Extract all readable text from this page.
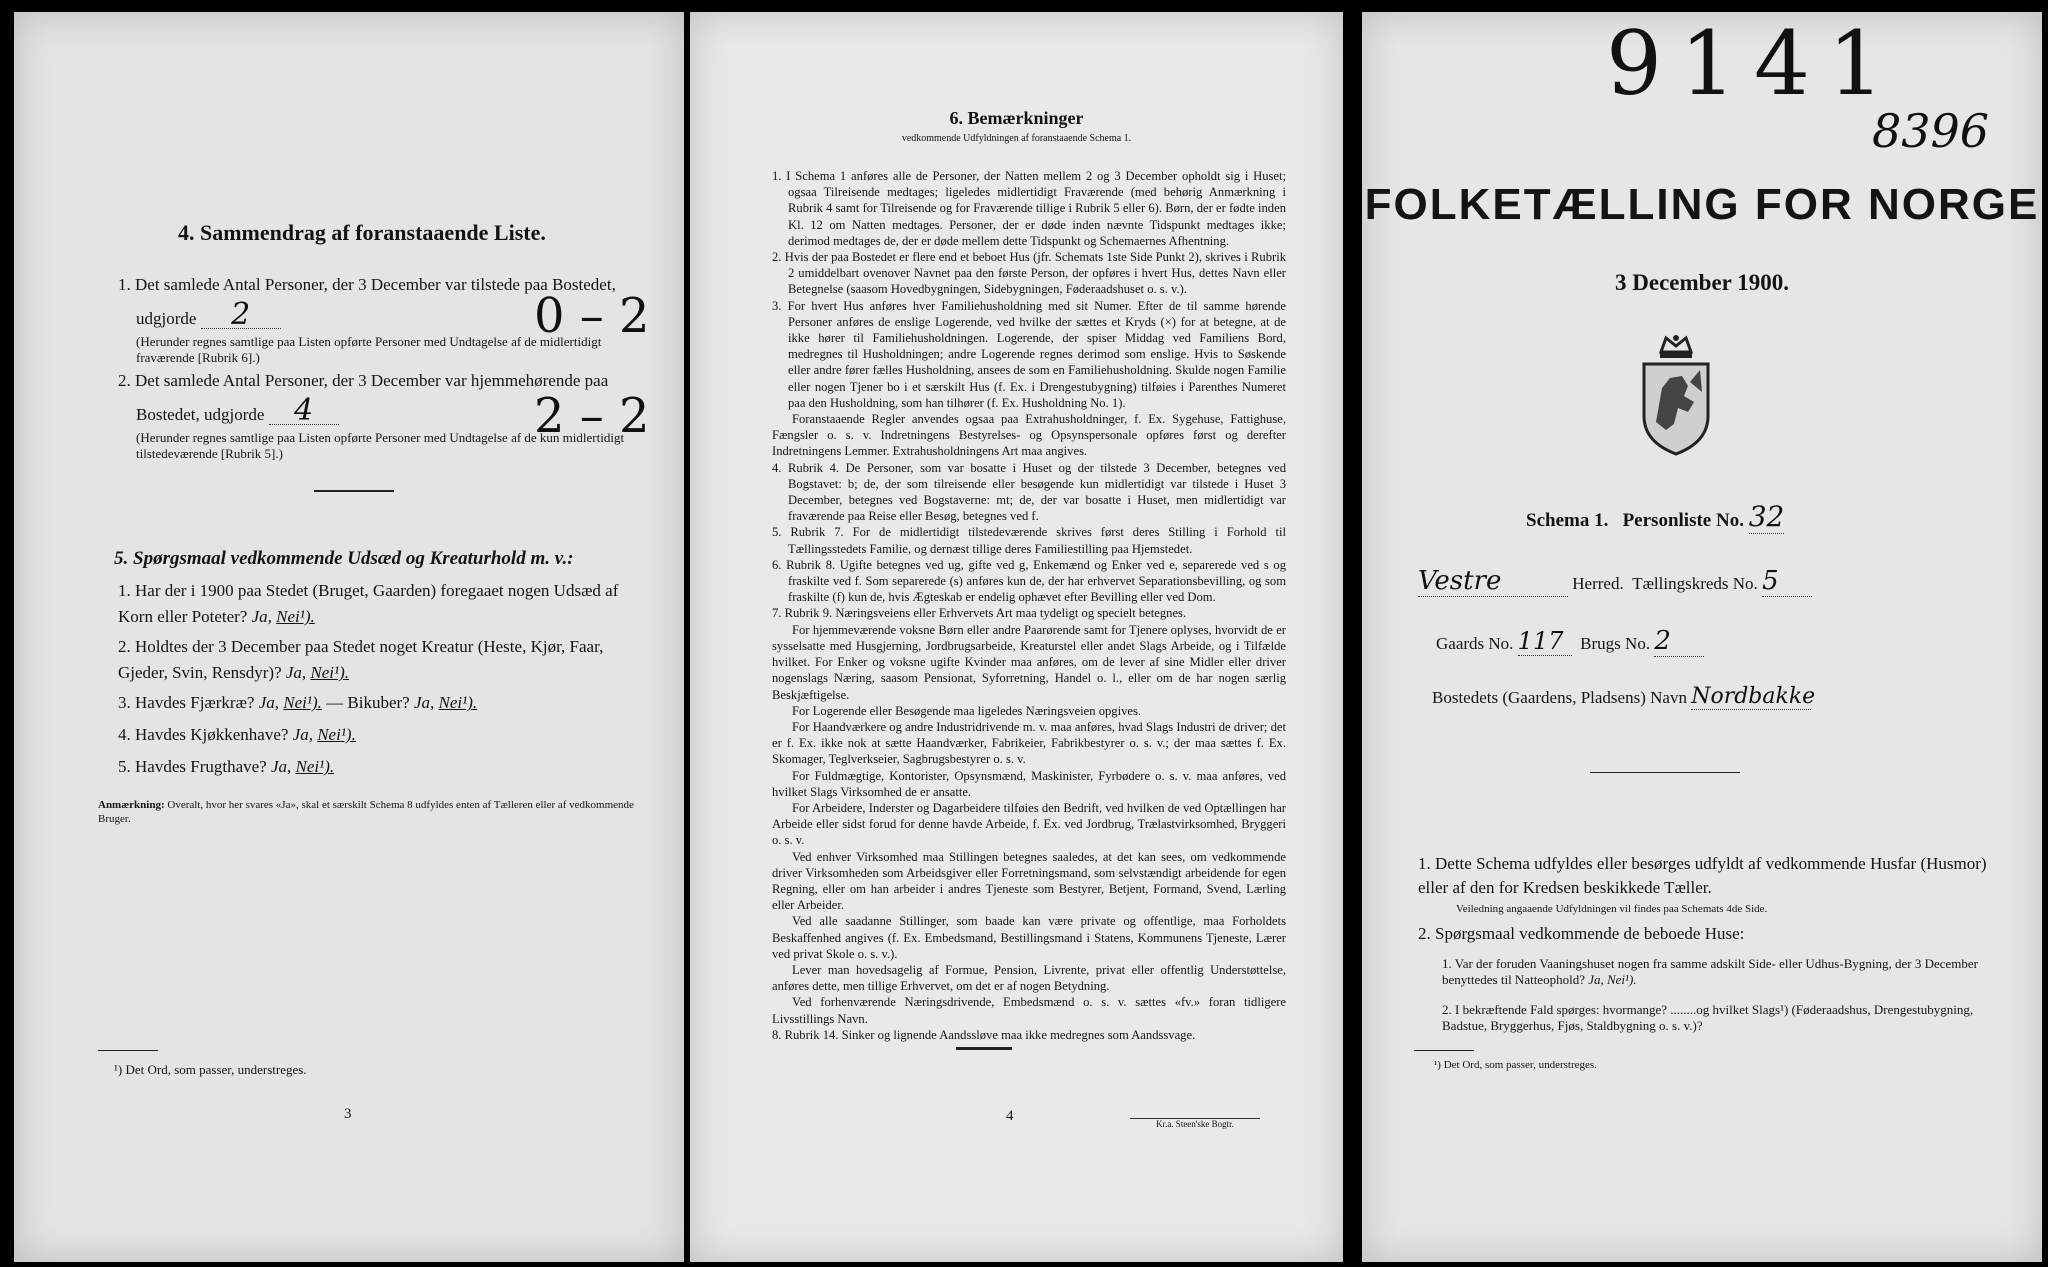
4. Sammendrag af foranstaaende Liste.
1. Det samlede Antal Personer, der 3 December var tilstede paa Bostedet,
udgjorde 2	0 – 2
(Herunder regnes samtlige paa Listen opførte Personer med Undtagelse af de midlertidigt fraværende [Rubrik 6].)
2. Det samlede Antal Personer, der 3 December var hjemmehørende paa
Bostedet, udgjorde 4	2 – 2
(Herunder regnes samtlige paa Listen opførte Personer med Undtagelse af de kun midlertidigt tilstedeværende [Rubrik 5].)
5. Spørgsmaal vedkommende Udsæd og Kreaturhold m. v.:
1. Har der i 1900 paa Stedet (Bruget, Gaarden) foregaaet nogen Udsæd af Korn eller Poteter? Ja, Nei¹).
2. Holdtes der 3 December paa Stedet noget Kreatur (Heste, Kjør, Faar, Gjeder, Svin, Rensdyr)? Ja, Nei¹).
3. Havdes Fjærkræ? Ja, Nei¹). — Bikuber? Ja, Nei¹).
4. Havdes Kjøkkenhave? Ja, Nei¹).
5. Havdes Frugthave? Ja, Nei¹).
Anmærkning: Overalt, hvor her svares «Ja», skal et særskilt Schema 8 udfyldes enten af Tælleren eller af vedkommende Bruger.
¹) Det Ord, som passer, understreges.
3
6. Bemærkninger
vedkommende Udfyldningen af foranstaaende Schema 1.

1. I Schema 1 anføres alle de Personer, der Natten mellem 2 og 3 December opholdt sig i Huset; ogsaa Tilreisende medtages; ligeledes midlertidigt Fraværende (med behørig Anmærkning i Rubrik 4 samt for Tilreisende og for Fraværende tillige i Rubrik 5 eller 6). Børn, der er fødte inden Kl. 12 om Natten medtages. Personer, der er døde inden nævnte Tidspunkt medtages ikke; derimod medtages de, der er døde mellem dette Tidspunkt og Schemaernes Afhentning.

2. Hvis der paa Bostedet er flere end et beboet Hus (jfr. Schemats 1ste Side Punkt 2), skrives i Rubrik 2 umiddelbart ovenover Navnet paa den første Person, der opføres i hvert Hus, dettes Navn eller Betegnelse (saasom Hovedbygningen, Sidebygningen, Føderaadshuset o. s. v.).

3. For hvert Hus anføres hver Familiehusholdning med sit Numer. Efter de til samme hørende Personer anføres de enslige Logerende, ved hvilke der sættes et Kryds (×) for at betegne, at de ikke hører til Familiehusholdningen. Logerende, der spiser Middag ved Familiens Bord, medregnes til Husholdningen; andre Logerende regnes derimod som enslige. Hvis to Søskende eller andre fører fælles Husholdning, ansees de som en Familiehusholdning. Skulde nogen Familie eller nogen Tjener bo i et særskilt Hus (f. Ex. i Drengestubygning) tilføies i Parenthes Numeret paa den Husholdning, som han tilhører (f. Ex. Husholdning No. 1).

Foranstaaende Regler anvendes ogsaa paa Extrahusholdninger, f. Ex. Sygehuse, Fattighuse, Fængsler o. s. v. Indretningens Bestyrelses- og Opsynspersonale opføres først og derefter Indretningens Lemmer. Extrahusholdningens Art maa angives.

4. Rubrik 4. De Personer, som var bosatte i Huset og der tilstede 3 December, betegnes ved Bogstavet: b; de, der som tilreisende eller besøgende kun midlertidigt var tilstede i Huset 3 December, betegnes ved Bogstaverne: mt; de, der var bosatte i Huset, men midlertidigt var fraværende paa Reise eller Besøg, betegnes ved f.

5. Rubrik 7. For de midlertidigt tilstedeværende skrives først deres Stilling i Forhold til Tællingsstedets Familie, og dernæst tillige deres Familiestilling paa Hjemstedet.

6. Rubrik 8. Ugifte betegnes ved ug, gifte ved g, Enkemænd og Enker ved e, separerede ved s og fraskilte ved f. Som separerede (s) anføres kun de, der har erhvervet Separationsbevilling, og som fraskilte (f) kun de, hvis Ægteskab er endelig ophævet efter Bevilling eller ved Dom.

7. Rubrik 9. Næringsveiens eller Erhvervets Art maa tydeligt og specielt betegnes.

For hjemmeværende voksne Børn eller andre Paarørende samt for Tjenere oplyses, hvorvidt de er sysselsatte med Husgjerning, Jordbrugsarbeide, Kreaturstel eller andet Slags Arbeide, og i Tilfælde hvilket. For Enker og voksne ugifte Kvinder maa anføres, om de lever af sine Midler eller driver nogenslags Næring, saasom Pensionat, Syforretning, Handel o. l., eller om de har nogen særlig Beskjæftigelse.

For Logerende eller Besøgende maa ligeledes Næringsveien opgives.

For Haandværkere og andre Industridrivende m. v. maa anføres, hvad Slags Industri de driver; det er f. Ex. ikke nok at sætte Haandværker, Fabrikeier, Fabrikbestyrer o. s. v.; der maa sættes f. Ex. Skomager, Teglverkseier, Sagbrugsbestyrer o. s. v.

For Fuldmægtige, Kontorister, Opsynsmænd, Maskinister, Fyrbødere o. s. v. maa anføres, ved hvilket Slags Virksomhed de er ansatte.

For Arbeidere, Inderster og Dagarbeidere tilføies den Bedrift, ved hvilken de ved Optællingen har Arbeide eller sidst forud for denne havde Arbeide, f. Ex. ved Jordbrug, Trælastvirksomhed, Bryggeri o. s. v.

Ved enhver Virksomhed maa Stillingen betegnes saaledes, at det kan sees, om vedkommende driver Virksomheden som Arbeidsgiver eller Forretningsmand, som selvstændigt arbeidende for egen Regning, eller om han arbeider i andres Tjeneste som Bestyrer, Betjent, Formand, Svend, Lærling eller Arbeider.

Ved alle saadanne Stillinger, som baade kan være private og offentlige, maa Forholdets Beskaffenhed angives (f. Ex. Embedsmand, Bestillingsmand i Statens, Kommunens Tjeneste, Lærer ved privat Skole o. s. v.).

Lever man hovedsagelig af Formue, Pension, Livrente, privat eller offentlig Understøttelse, anføres dette, men tillige Erhvervet, om det er af nogen Betydning.

Ved forhenværende Næringsdrivende, Embedsmænd o. s. v. sættes «fv.» foran tidligere Livsstillings Navn.

8. Rubrik 14. Sinker og lignende Aandssløve maa ikke medregnes som Aandssvage.

4	Kr.a. Steen'ske Bogtr.
9141
8396
FOLKETÆLLING FOR NORGE
3 December 1900.
Schema 1. Personliste No. 32
Vestre	Herred. Tællingskreds No. 5
Gaards No. 117 Brugs No. 2
Bostedets (Gaardens, Pladsens) Navn Nordbakke
1. Dette Schema udfyldes eller besørges udfyldt af vedkommende Husfar (Husmor) eller af den for Kredsen beskikkede Tæller.
Veiledning angaaende Udfyldningen vil findes paa Schemats 4de Side.
2. Spørgsmaal vedkommende de beboede Huse:
1. Var der foruden Vaaningshuset nogen fra samme adskilt Side- eller Udhus-Bygning, der 3 December benyttedes til Natteophold? Ja, Nei¹).
2. I bekræftende Fald spørges: hvormange? ........og hvilket Slags¹) (Føderaadshus, Drengestubygning, Badstue, Bryggerhus, Fjøs, Staldbygning o. s. v.)?
¹) Det Ord, som passer, understreges.
